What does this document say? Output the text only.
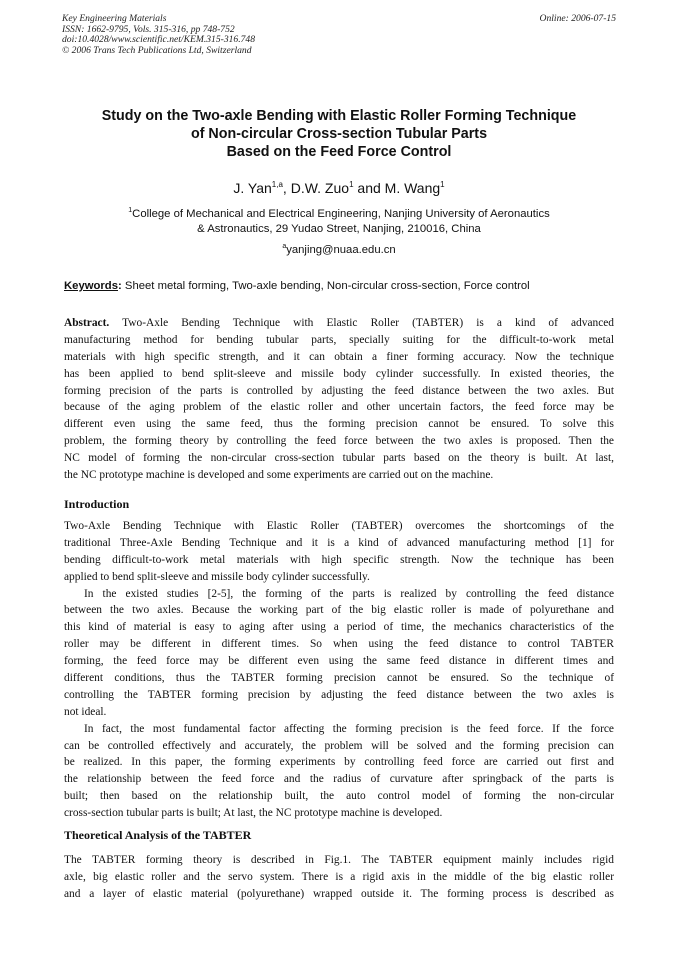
Key Engineering Materials
ISSN: 1662-9795, Vols. 315-316, pp 748-752
doi:10.4028/www.scientific.net/KEM.315-316.748
© 2006 Trans Tech Publications Ltd, Switzerland
Online: 2006-07-15
Study on the Two-axle Bending with Elastic Roller Forming Technique
of Non-circular Cross-section Tubular Parts
Based on the Feed Force Control
J. Yan$^{1,a}$, D.W. Zuo$^1$ and M. Wang$^1$
$^1$College of Mechanical and Electrical Engineering, Nanjing University of Aeronautics
& Astronautics, 29 Yudao Street, Nanjing, 210016, China
$^a$yanjing@nuaa.edu.cn
Keywords: Sheet metal forming, Two-axle bending, Non-circular cross-section, Force control
Abstract. Two-Axle Bending Technique with Elastic Roller (TABTER) is a kind of advanced
manufacturing method for bending tubular parts, specially suiting for the difficult-to-work metal
materials with high specific strength, and it can obtain a finer forming accuracy. Now the technique
has been applied to bend split-sleeve and missile body cylinder successfully. In existed theories, the
forming precision of the parts is controlled by adjusting the feed distance between the two axles. But
because of the aging problem of the elastic roller and other uncertain factors, the feed force may be
different even using the same feed, thus the forming precision cannot be ensured. To solve this
problem, the forming theory by controlling the feed force between the two axles is proposed. Then the
NC model of forming the non-circular cross-section tubular parts based on the theory is built. At last,
the NC prototype machine is developed and some experiments are carried out on the machine.
Introduction
Two-Axle Bending Technique with Elastic Roller (TABTER) overcomes the shortcomings of the
traditional Three-Axle Bending Technique and it is a kind of advanced manufacturing method [1] for
bending difficult-to-work metal materials with high specific strength. Now the technique has been
applied to bend split-sleeve and missile body cylinder successfully.
In the existed studies [2-5], the forming of the parts is realized by controlling the feed distance
between the two axles. Because the working part of the big elastic roller is made of polyurethane and
this kind of material is easy to aging after using a period of time, the mechanics characteristics of the
roller may be different in different times. So when using the feed distance to control TABTER
forming, the feed force may be different even using the same feed distance in different times and
different conditions, thus the TABTER forming precision cannot be ensured. So the technique of
controlling the TABTER forming precision by adjusting the feed distance between the two axles is
not ideal.
In fact, the most fundamental factor affecting the forming precision is the feed force. If the force
can be controlled effectively and accurately, the problem will be solved and the forming precision can
be realized. In this paper, the forming experiments by controlling feed force are carried out first and
the relationship between the feed force and the radius of curvature after springback of the parts is
built; then based on the relationship built, the auto control model of forming the non-circular
cross-section tubular parts is built; At last, the NC prototype machine is developed.
Theoretical Analysis of the TABTER
The TABTER forming theory is described in Fig.1. The TABTER equipment mainly includes rigid
axle, big elastic roller and the servo system. There is a rigid axis in the middle of the big elastic roller
and a layer of elastic material (polyurethane) wrapped outside it. The forming process is described as
